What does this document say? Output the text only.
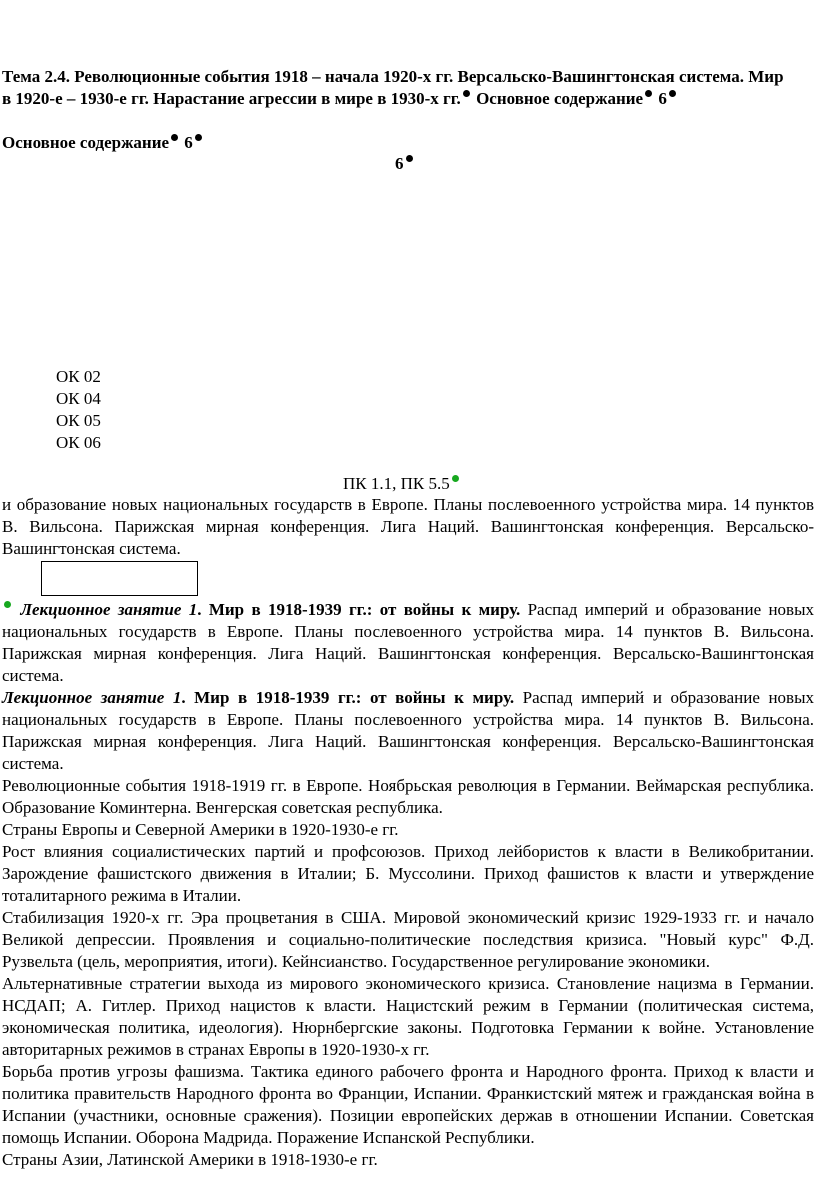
Тема 2.4. Революционные события 1918 – начала 1920-х гг. Версальско-Вашингтонская система. Мир в 1920-е – 1930-е гг. Нарастание агрессии в мире в 1930-х гг. Основное содержание 6
Основное содержание 6
6
ОК 02
ОК 04
ОК 05
ОК 06
ПК 1.1, ПК 5.5
и образование новых национальных государств в Европе. Планы послевоенного устройства мира. 14 пунктов В. Вильсона. Парижская мирная конференция. Лига Наций. Вашингтонская конференция. Версальско-Вашингтонская система.
Лекционное занятие 1. Мир в 1918-1939 гг.: от войны к миру. Распад империй и образование новых национальных государств в Европе. Планы послевоенного устройства мира. 14 пунктов В. Вильсона. Парижская мирная конференция. Лига Наций. Вашингтонская конференция. Версальско-Вашингтонская система.

Лекционное занятие 1. Мир в 1918-1939 гг.: от войны к миру. Распад империй и образование новых национальных государств в Европе. Планы послевоенного устройства мира. 14 пунктов В. Вильсона. Парижская мирная конференция. Лига Наций. Вашингтонская конференция. Версальско-Вашингтонская система.

Революционные события 1918-1919 гг. в Европе. Ноябрьская революция в Германии. Веймарская республика. Образование Коминтерна. Венгерская советская республика.

Страны Европы и Северной Америки в 1920-1930-е гг.

Рост влияния социалистических партий и профсоюзов. Приход лейбористов к власти в Великобритании. Зарождение фашистского движения в Италии; Б. Муссолини. Приход фашистов к власти и утверждение тоталитарного режима в Италии.

Стабилизация 1920-х гг. Эра процветания в США. Мировой экономический кризис 1929-1933 гг. и начало Великой депрессии. Проявления и социально-политические последствия кризиса. "Новый курс" Ф.Д. Рузвельта (цель, мероприятия, итоги). Кейнсианство. Государственное регулирование экономики.

Альтернативные стратегии выхода из мирового экономического кризиса. Становление нацизма в Германии. НСДАП; А. Гитлер. Приход нацистов к власти. Нацистский режим в Германии (политическая система, экономическая политика, идеология). Нюрнбергские законы. Подготовка Германии к войне. Установление авторитарных режимов в странах Европы в 1920-1930-х гг.

Борьба против угрозы фашизма. Тактика единого рабочего фронта и Народного фронта. Приход к власти и политика правительств Народного фронта во Франции, Испании. Франкистский мятеж и гражданская война в Испании (участники, основные сражения). Позиции европейских держав в отношении Испании. Советская помощь Испании. Оборона Мадрида. Поражение Испанской Республики.

Страны Азии, Латинской Америки в 1918-1930-е гг.
